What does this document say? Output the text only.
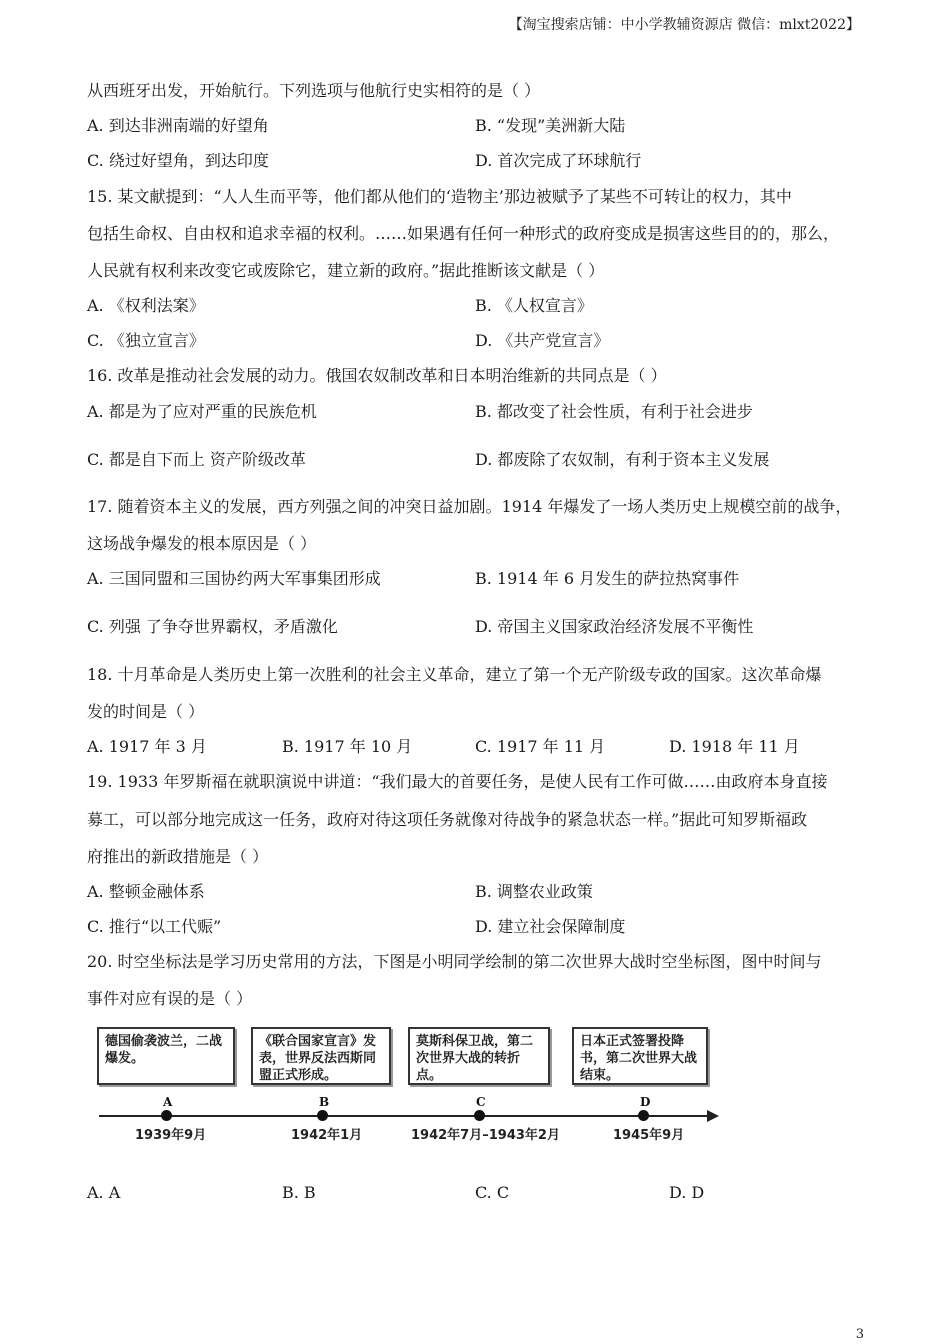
【淘宝搜索店铺：中小学教辅资源店 微信：mlxt2022】
从西班牙出发，开始航行。下列选项与他航行史实相符的是（ ）
A. 到达非洲南端的好望角	B. “发现”美洲新大陆
C. 绕过好望角，到达印度	D. 首次完成了环球航行
15. 某文献提到：“人人生而平等，他们都从他们的‘造物主’那边被赋予了某些不可转让的权力，其中
包括生命权、自由权和追求幸福的权利。……如果遇有任何一种形式的政府变成是损害这些目的的，那么，
人民就有权利来改变它或废除它，建立新的政府。”据此推断该文献是（ ）
A. 《权利法案》	B. 《人权宣言》
C. 《独立宣言》	D. 《共产党宣言》
16. 改革是推动社会发展的动力。俄国农奴制改革和日本明治维新的共同点是（ ）
A. 都是为了应对严重的民族危机	B. 都改变了社会性质，有利于社会进步
C. 都是自下而上 资产阶级改革	D. 都废除了农奴制，有利于资本主义发展
17. 随着资本主义的发展，西方列强之间的冲突日益加剧。1914 年爆发了一场人类历史上规模空前的战争，
这场战争爆发的根本原因是（ ）
A. 三国同盟和三国协约两大军事集团形成	B. 1914 年 6 月发生的萨拉热窝事件
C. 列强 了争夺世界霸权，矛盾激化	D. 帝国主义国家政治经济发展不平衡性
18. 十月革命是人类历史上第一次胜利的社会主义革命，建立了第一个无产阶级专政的国家。这次革命爆
发的时间是（ ）
A. 1917 年 3 月	B. 1917 年 10 月	C. 1917 年 11 月	D. 1918 年 11 月
19. 1933 年罗斯福在就职演说中讲道：“我们最大的首要任务，是使人民有工作可做……由政府本身直接
募工，可以部分地完成这一任务，政府对待这项任务就像对待战争的紧急状态一样。”据此可知罗斯福政
府推出的新政措施是（ ）
A. 整顿金融体系	B. 调整农业政策
C. 推行“以工代赈”	D. 建立社会保障制度
20. 时空坐标法是学习历史常用的方法，下图是小明同学绘制的第二次世界大战时空坐标图，图中时间与
事件对应有误的是（ ）
德国偷袭波兰，二战爆发。
《联合国家宣言》发表，世界反法西斯同盟正式形成。
莫斯科保卫战，第二次世界大战的转折点。
日本正式签署投降书，第二次世界大战结束。
A
1939年9月
B
1942年1月
C
1942年7月–1943年2月
D
1945年9月
A. A	B. B	C. C	D. D
3
